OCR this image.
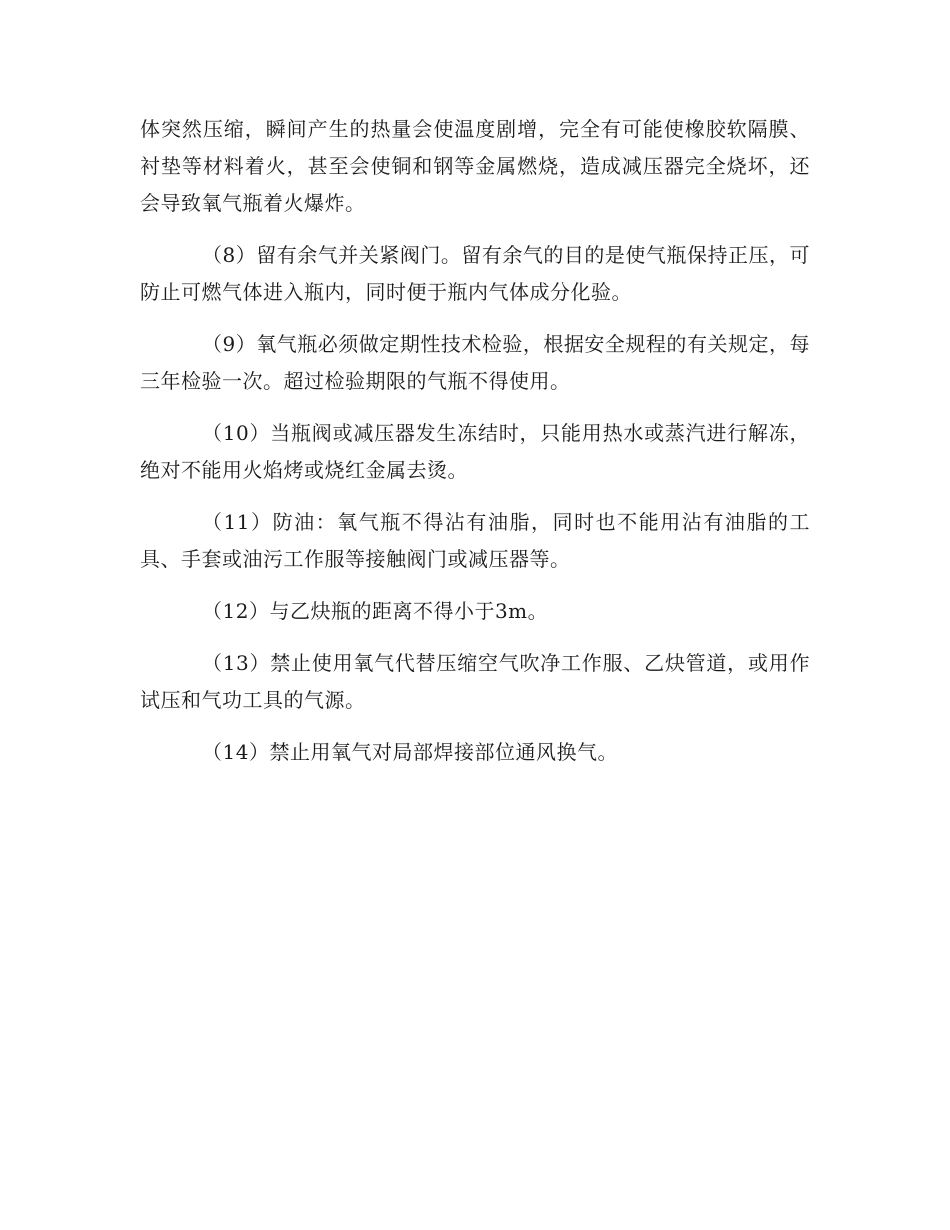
体突然压缩，瞬间产生的热量会使温度剧增，完全有可能使橡胶软隔膜、衬垫等材料着火，甚至会使铜和钢等金属燃烧，造成减压器完全烧坏，还会导致氧气瓶着火爆炸。

（8）留有余气并关紧阀门。留有余气的目的是使气瓶保持正压，可防止可燃气体进入瓶内，同时便于瓶内气体成分化验。

（9）氧气瓶必须做定期性技术检验，根据安全规程的有关规定，每三年检验一次。超过检验期限的气瓶不得使用。

（10）当瓶阀或减压器发生冻结时，只能用热水或蒸汽进行解冻，绝对不能用火焰烤或烧红金属去烫。

（11）防油：氧气瓶不得沾有油脂，同时也不能用沾有油脂的工具、手套或油污工作服等接触阀门或减压器等。

（12）与乙炔瓶的距离不得小于3m。

（13）禁止使用氧气代替压缩空气吹净工作服、乙炔管道，或用作试压和气功工具的气源。

（14）禁止用氧气对局部焊接部位通风换气。
